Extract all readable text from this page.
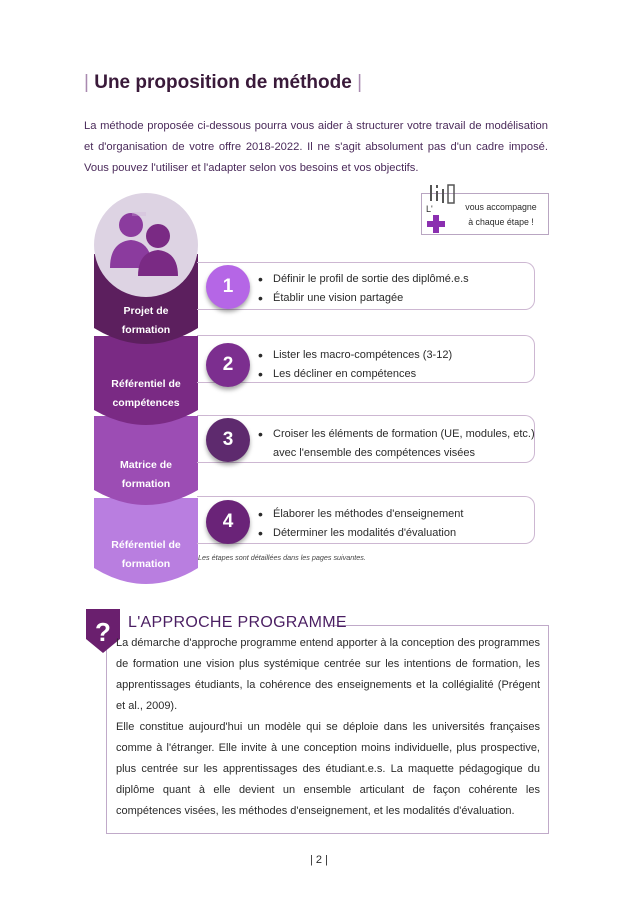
| Une proposition de méthode |

La méthode proposée ci-dessous pourra vous aider à structurer votre travail de modélisation et d'organisation de votre offre 2018-2022. Il ne s'agit absolument pas d'un cadre imposé. Vous pouvez l'utiliser et l'adapter selon vos besoins et vos objectifs.

L'	vous accompagne
à chaque étape !
Projet de
formation
Référentiel de
compétences
Matrice de
formation
Référentiel de
formation
1
2
3
4
• Définir le profil de sortie des diplômé.e.s
• Établir une vision partagée
• Lister les macro-compétences (3-12)
• Les décliner en compétences
• Croiser les éléments de formation (UE, modules, etc.) avec l'ensemble des compétences visées
• Élaborer les méthodes d'enseignement
• Déterminer les modalités d'évaluation
Les étapes sont détaillées dans les pages suivantes.
? L'APPROCHE PROGRAMME

La démarche d'approche programme entend apporter à la conception des programmes de formation une vision plus systémique centrée sur les intentions de formation, les apprentissages étudiants, la cohérence des enseignements et la collégialité (Prégent et al., 2009).

Elle constitue aujourd'hui un modèle qui se déploie dans les universités françaises comme à l'étranger. Elle invite à une conception moins individuelle, plus prospective, plus centrée sur les apprentissages des étudiant.e.s. La maquette pédagogique du diplôme quant à elle devient un ensemble articulant de façon cohérente les compétences visées, les méthodes d'enseignement, et les modalités d'évaluation.

| 2 |
